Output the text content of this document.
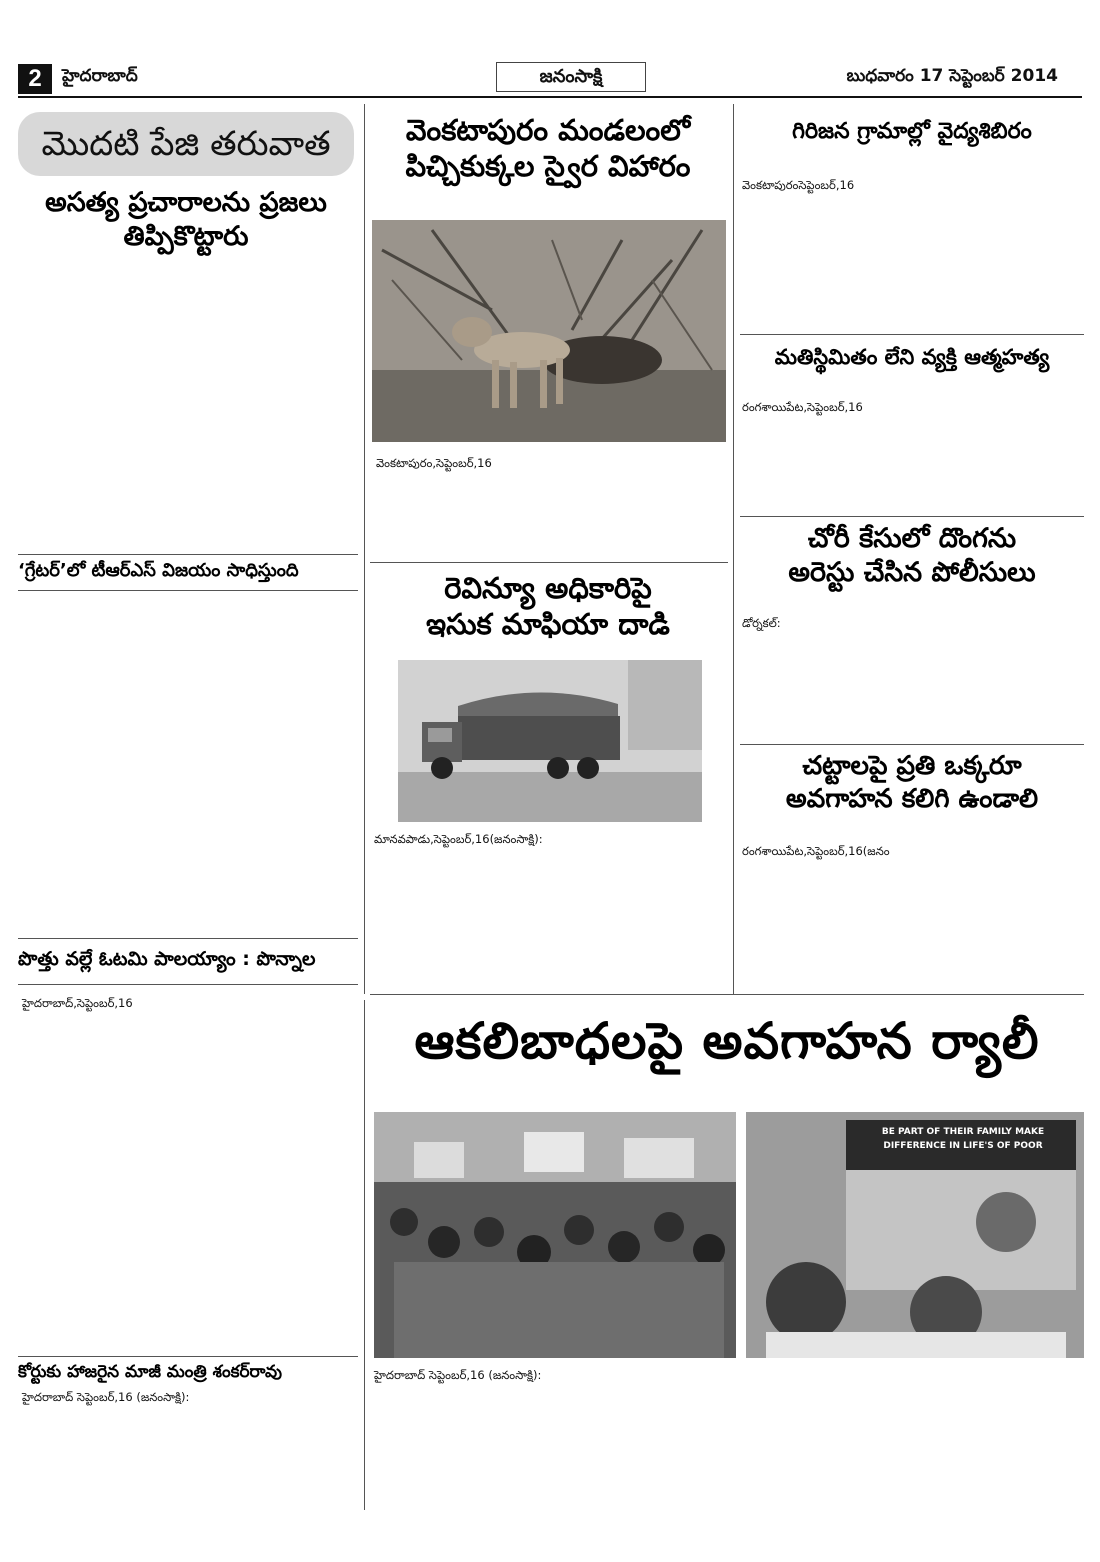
2	హైదరాబాద్	జనంసాక్షి	బుధవారం 17 సెప్టెంబర్ 2014
మొదటి పేజి తరువాత
అసత్య ప్రచారాలను ప్రజలు
తిప్పికొట్టారు
‘గ్రేటర్’లో టీఆర్ఎస్ విజయం సాధిస్తుంది
పొత్తు వల్లే ఓటమి పాలయ్యాం : పొన్నాల
హైదరాబాద్,సెప్టెంబర్,16
కోర్టుకు హాజరైన మాజీ మంత్రి శంకర్‌రావు
హైదరాబాద్ సెప్టెంబర్,16 (జనంసాక్షి):
వెంకటాపురం మండలంలో
పిచ్చికుక్కల స్వైర విహారం
వెంకటాపురం,సెప్టెంబర్,16
రెవిన్యూ అధికారిపై
ఇసుక మాఫియా దాడి
మానవపాడు,సెప్టెంబర్,16(జనంసాక్షి):
గిరిజన గ్రామాల్లో వైద్యశిబిరం
వెంకటాపురంసెప్టెంబర్,16
మతిస్థిమితం లేని వ్యక్తి ఆత్మహత్య
రంగశాయిపేట,సెప్టెంబర్,16
చోరీ కేసులో దొంగను
అరెస్టు చేసిన పోలీసులు
డోర్నకల్:
చట్టాలపై ప్రతి ఒక్కరూ
అవగాహన కలిగి ఉండాలి
రంగశాయిపేట,సెప్టెంబర్,16(జనం
ఆకలిబాధలపై అవగాహన ర్యాలీ
BE PART OF THEIR FAMILY MAKE
DIFFERENCE IN LIFE'S OF POOR
హైదరాబాద్ సెప్టెంబర్,16 (జనంసాక్షి):
